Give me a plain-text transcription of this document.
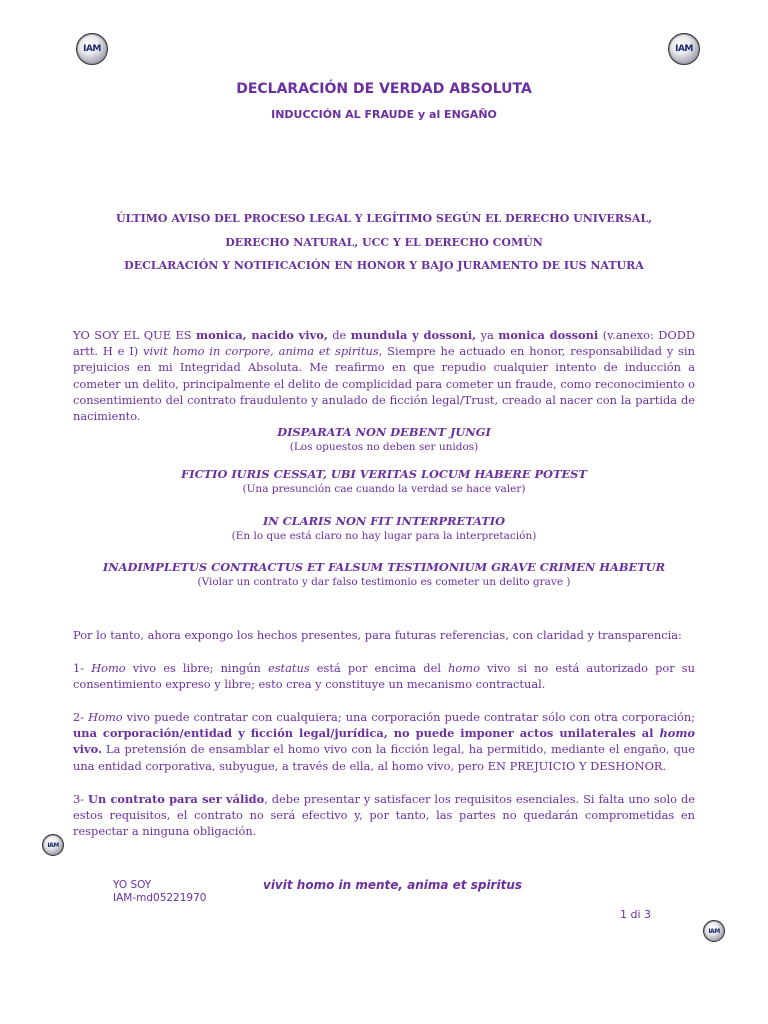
IAM	IAM
DECLARACIÓN DE VERDAD ABSOLUTA
INDUCCIÓN AL FRAUDE y al ENGAÑO
ÚLTIMO AVISO DEL PROCESO LEGAL Y LEGÍTIMO SEGÚN EL DERECHO UNIVERSAL,
DERECHO NATURAL, UCC Y EL DERECHO COMÚN
DECLARACIÓN Y NOTIFICACIÓN EN HONOR Y BAJO JURAMENTO DE IUS NATURA
YO SOY EL QUE ES monica, nacido vivo, de mundula y dossoni, ya monica dossoni (v.anexo: DODD artt. H e I) vivit homo in corpore, anima et spiritus, Siempre he actuado en honor, responsabilidad y sin prejuicios en mi Integridad Absoluta. Me reafirmo en que repudio cualquier intento de inducción a cometer un delito, principalmente el delito de complicidad para cometer un fraude, como reconocimiento o consentimiento del contrato fraudulento y anulado de ficción legal/Trust, creado al nacer con la partida de nacimiento.
DISPARATA NON DEBENT JUNGI
(Los opuestos no deben ser unidos)
FICTIO IURIS CESSAT, UBI VERITAS LOCUM HABERE POTEST
(Una presunción cae cuando la verdad se hace valer)
IN CLARIS NON FIT INTERPRETATIO
(En lo que está claro no hay lugar para la interpretación)
INADIMPLETUS CONTRACTUS ET FALSUM TESTIMONIUM GRAVE CRIMEN HABETUR
(Violar un contrato y dar falso testimonio es cometer un delito grave )
Por lo tanto, ahora expongo los hechos presentes, para futuras referencias, con claridad y transparencia:
1- Homo vivo es libre; ningún estatus está por encima del homo vivo si no está autorizado por su consentimiento expreso y libre; esto crea y constituye un mecanismo contractual.
2- Homo vivo puede contratar con cualquiera; una corporación puede contratar sólo con otra corporación; una corporación/entidad y ficción legal/jurídica, no puede imponer actos unilaterales al homo vivo. La pretensión de ensamblar el homo vivo con la ficción legal, ha permitido, mediante el engaño, que una entidad corporativa, subyugue, a través de ella, al homo vivo, pero EN PREJUICIO Y DESHONOR.
3- Un contrato para ser válido, debe presentar y satisfacer los requisitos esenciales. Si falta uno solo de estos requisitos, el contrato no será efectivo y, por tanto, las partes no quedarán comprometidas en respectar a ninguna obligación.
IAM
YO SOY
IAM-md05221970
vivit homo in mente, anima et spiritus
1 di 3
IAM
